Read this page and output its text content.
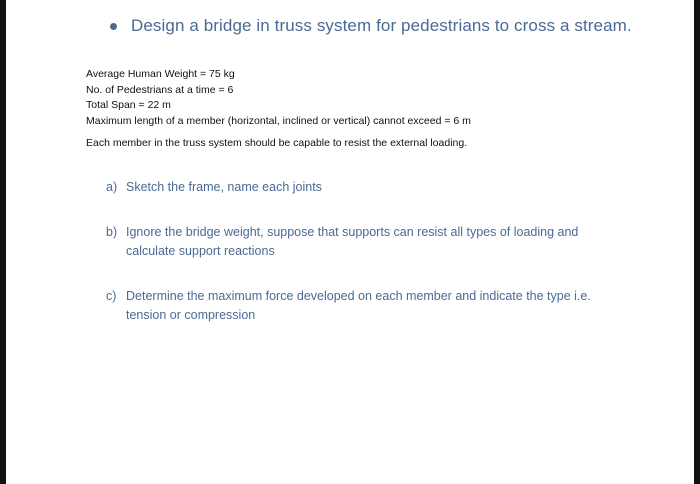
Design a bridge in truss system for pedestrians to cross a stream.
Average Human Weight = 75 kg
No. of Pedestrians at a time = 6
Total Span = 22 m
Maximum length of a member (horizontal, inclined or vertical) cannot exceed = 6 m
Each member in the truss system should be capable to resist the external loading.
a) Sketch the frame, name each joints
b) Ignore the bridge weight, suppose that supports can resist all types of loading and calculate support reactions
c) Determine the maximum force developed on each member and indicate the type i.e. tension or compression
